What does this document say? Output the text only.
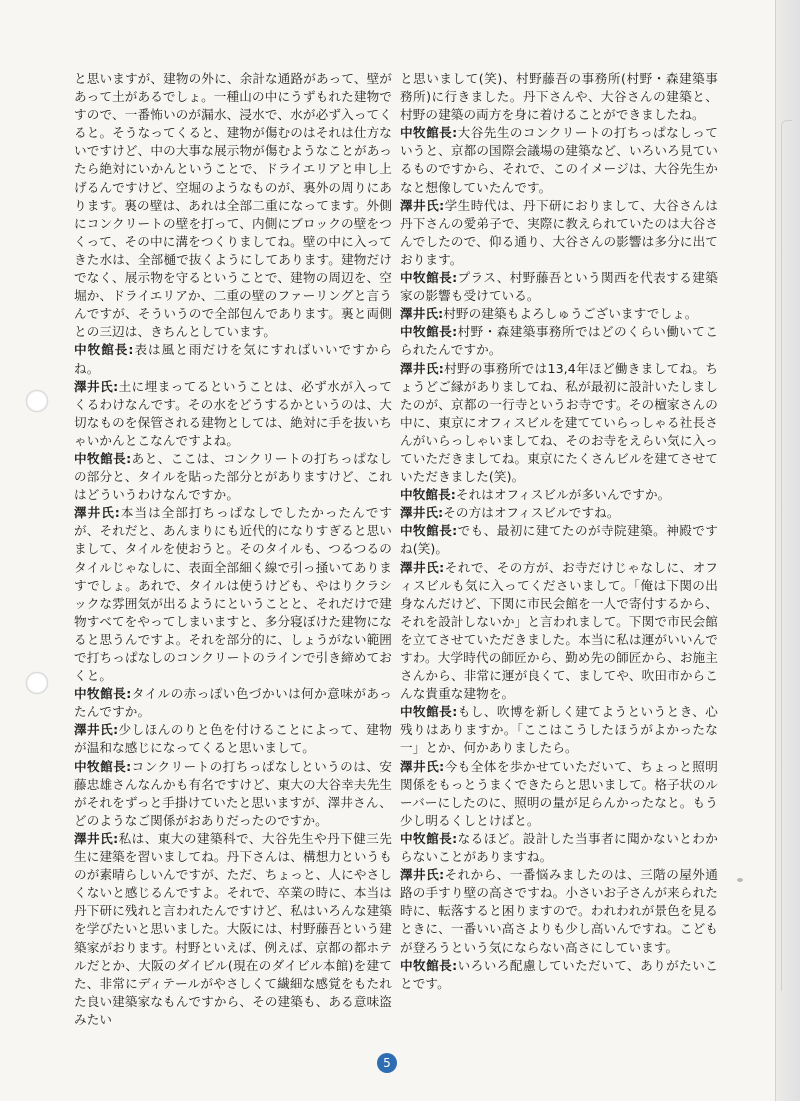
と思いますが、建物の外に、余計な通路があって、壁があって土があるでしょ。一種山の中にうずもれた建物ですので、一番怖いのが漏水、浸水で、水が必ず入ってくると。そうなってくると、建物が傷むのはそれは仕方ないですけど、中の大事な展示物が傷むようなことがあったら絶対にいかんということで、ドライエリアと申し上げるんですけど、空堀のようなものが、裏外の周りにあります。裏の壁は、あれは全部二重になってます。外側にコンクリートの壁を打って、内側にブロックの壁をつくって、その中に溝をつくりましてね。壁の中に入ってきた水は、全部樋で抜くようにしてあります。建物だけでなく、展示物を守るということで、建物の周辺を、空堀か、ドライエリアか、二重の壁のファーリングと言うんですが、そういうので全部包んであります。裏と両側との三辺は、きちんとしています。

中牧館長:表は風と雨だけを気にすればいいですからね。

澤井氏:土に埋まってるということは、必ず水が入ってくるわけなんです。その水をどうするかというのは、大切なものを保管される建物としては、絶対に手を抜いちゃいかんとこなんですよね。

中牧館長:あと、ここは、コンクリートの打ちっぱなしの部分と、タイルを貼った部分とがありますけど、これはどういうわけなんですか。

澤井氏:本当は全部打ちっぱなしでしたかったんですが、それだと、あんまりにも近代的になりすぎると思いまして、タイルを使おうと。そのタイルも、つるつるのタイルじゃなしに、表面全部細く線で引っ掻いてありますでしょ。あれで、タイルは使うけども、やはりクラシックな雰囲気が出るようにということと、それだけで建物すべてをやってしまいますと、多分寝ぼけた建物になると思うんですよ。それを部分的に、しょうがない範囲で打ちっぱなしのコンクリートのラインで引き締めておくと。

中牧館長:タイルの赤っぽい色づかいは何か意味があったんですか。

澤井氏:少しほんのりと色を付けることによって、建物が温和な感じになってくると思いまして。

中牧館長:コンクリートの打ちっぱなしというのは、安藤忠雄さんなんかも有名ですけど、東大の大谷幸夫先生がそれをずっと手掛けていたと思いますが、澤井さん、どのようなご関係がおありだったのですか。

澤井氏:私は、東大の建築科で、大谷先生や丹下健三先生に建築を習いましてね。丹下さんは、構想力というものが素晴らしいんですが、ただ、ちょっと、人にやさしくないと感じるんですよ。それで、卒業の時に、本当は丹下研に残れと言われたんですけど、私はいろんな建築を学びたいと思いました。大阪には、村野藤吾という建築家がおります。村野といえば、例えば、京都の都ホテルだとか、大阪のダイビル(現在のダイビル本館)を建てた、非常にディテールがやさしくて繊細な感覚をもたれた良い建築家なもんですから、その建築も、ある意味盗みたい

と思いまして(笑)、村野藤吾の事務所(村野・森建築事務所)に行きました。丹下さんや、大谷さんの建築と、村野の建築の両方を身に着けることができましたね。

中牧館長:大谷先生のコンクリートの打ちっぱなしっていうと、京都の国際会議場の建築など、いろいろ見ているものですから、それで、このイメージは、大谷先生かなと想像していたんです。

澤井氏:学生時代は、丹下研におりまして、大谷さんは丹下さんの愛弟子で、実際に教えられていたのは大谷さんでしたので、仰る通り、大谷さんの影響は多分に出ております。

中牧館長:プラス、村野藤吾という関西を代表する建築家の影響も受けている。

澤井氏:村野の建築もよろしゅうございますでしょ。

中牧館長:村野・森建築事務所ではどのくらい働いてこられたんですか。

澤井氏:村野の事務所では13,4年ほど働きましてね。ちょうどご縁がありましてね、私が最初に設計いたしましたのが、京都の一行寺というお寺です。その檀家さんの中に、東京にオフィスビルを建てていらっしゃる社長さんがいらっしゃいましてね、そのお寺をえらい気に入っていただきましてね。東京にたくさんビルを建てさせていただきました(笑)。

中牧館長:それはオフィスビルが多いんですか。

澤井氏:その方はオフィスビルですね。

中牧館長:でも、最初に建てたのが寺院建築。神殿ですね(笑)。

澤井氏:それで、その方が、お寺だけじゃなしに、オフィスビルも気に入ってくださいまして。「俺は下関の出身なんだけど、下関に市民会館を一人で寄付するから、それを設計しないか」と言われまして。下関で市民会館を立てさせていただきました。本当に私は運がいいんですわ。大学時代の師匠から、勤め先の師匠から、お施主さんから、非常に運が良くて、ましてや、吹田市からこんな貴重な建物を。

中牧館長:もし、吹博を新しく建てようというとき、心残りはありますか。「ここはこうしたほうがよかったな一」とか、何かありましたら。

澤井氏:今も全体を歩かせていただいて、ちょっと照明関係をもっとうまくできたらと思いまして。格子状のルーバーにしたのに、照明の量が足らんかったなと。もう少し明るくしとけばと。

中牧館長:なるほど。設計した当事者に聞かないとわからないことがありますね。

澤井氏:それから、一番悩みましたのは、三階の屋外通路の手すり壁の高さですね。小さいお子さんが来られた時に、転落すると困りますので。われわれが景色を見るときに、一番いい高さよりも少し高いんですね。こどもが登ろうという気にならない高さにしています。

中牧館長:いろいろ配慮していただいて、ありがたいことです。

5
